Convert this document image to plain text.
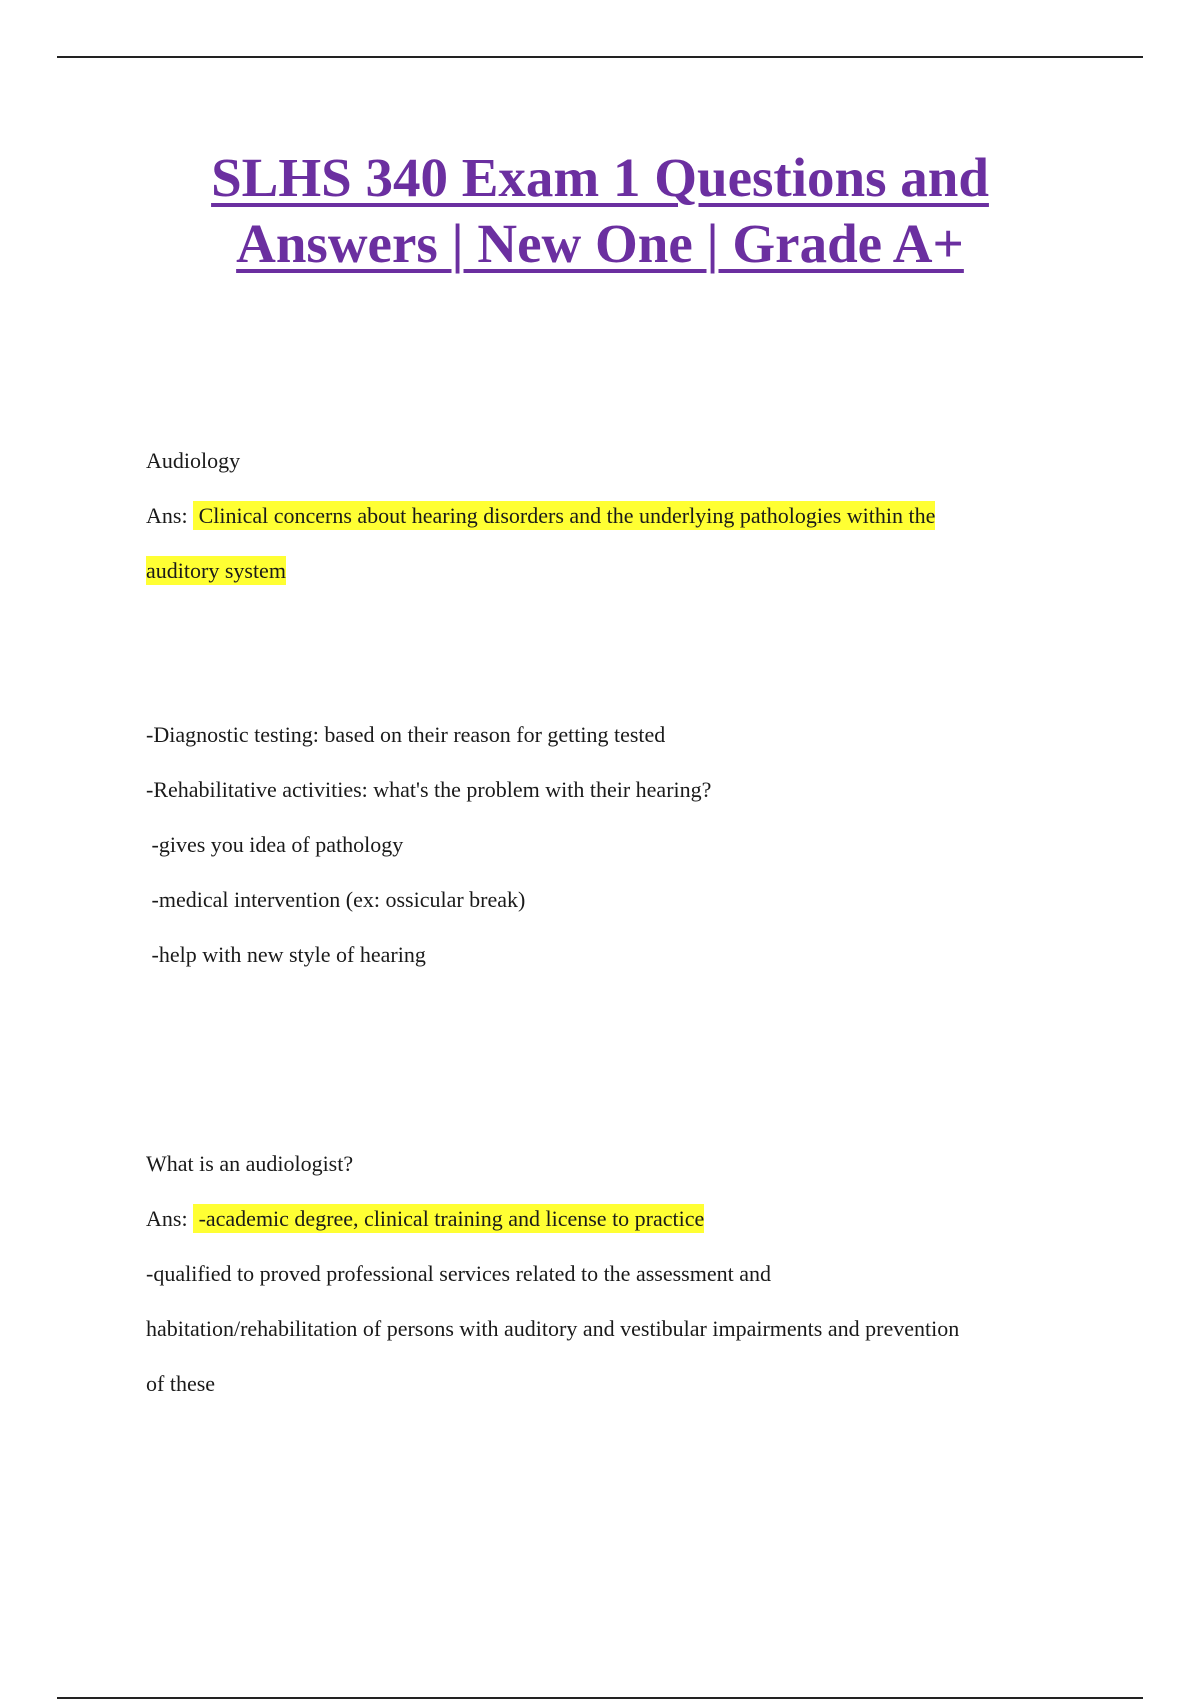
SLHS 340 Exam 1 Questions and
Answers | New One | Grade A+

Audiology

Ans:  Clinical concerns about hearing disorders and the underlying pathologies within the

auditory system

-Diagnostic testing: based on their reason for getting tested

-Rehabilitative activities: what's the problem with their hearing?

-gives you idea of pathology

-medical intervention (ex: ossicular break)

-help with new style of hearing

What is an audiologist?

Ans:  -academic degree, clinical training and license to practice

-qualified to proved professional services related to the assessment and

habitation/rehabilitation of persons with auditory and vestibular impairments and prevention

of these
